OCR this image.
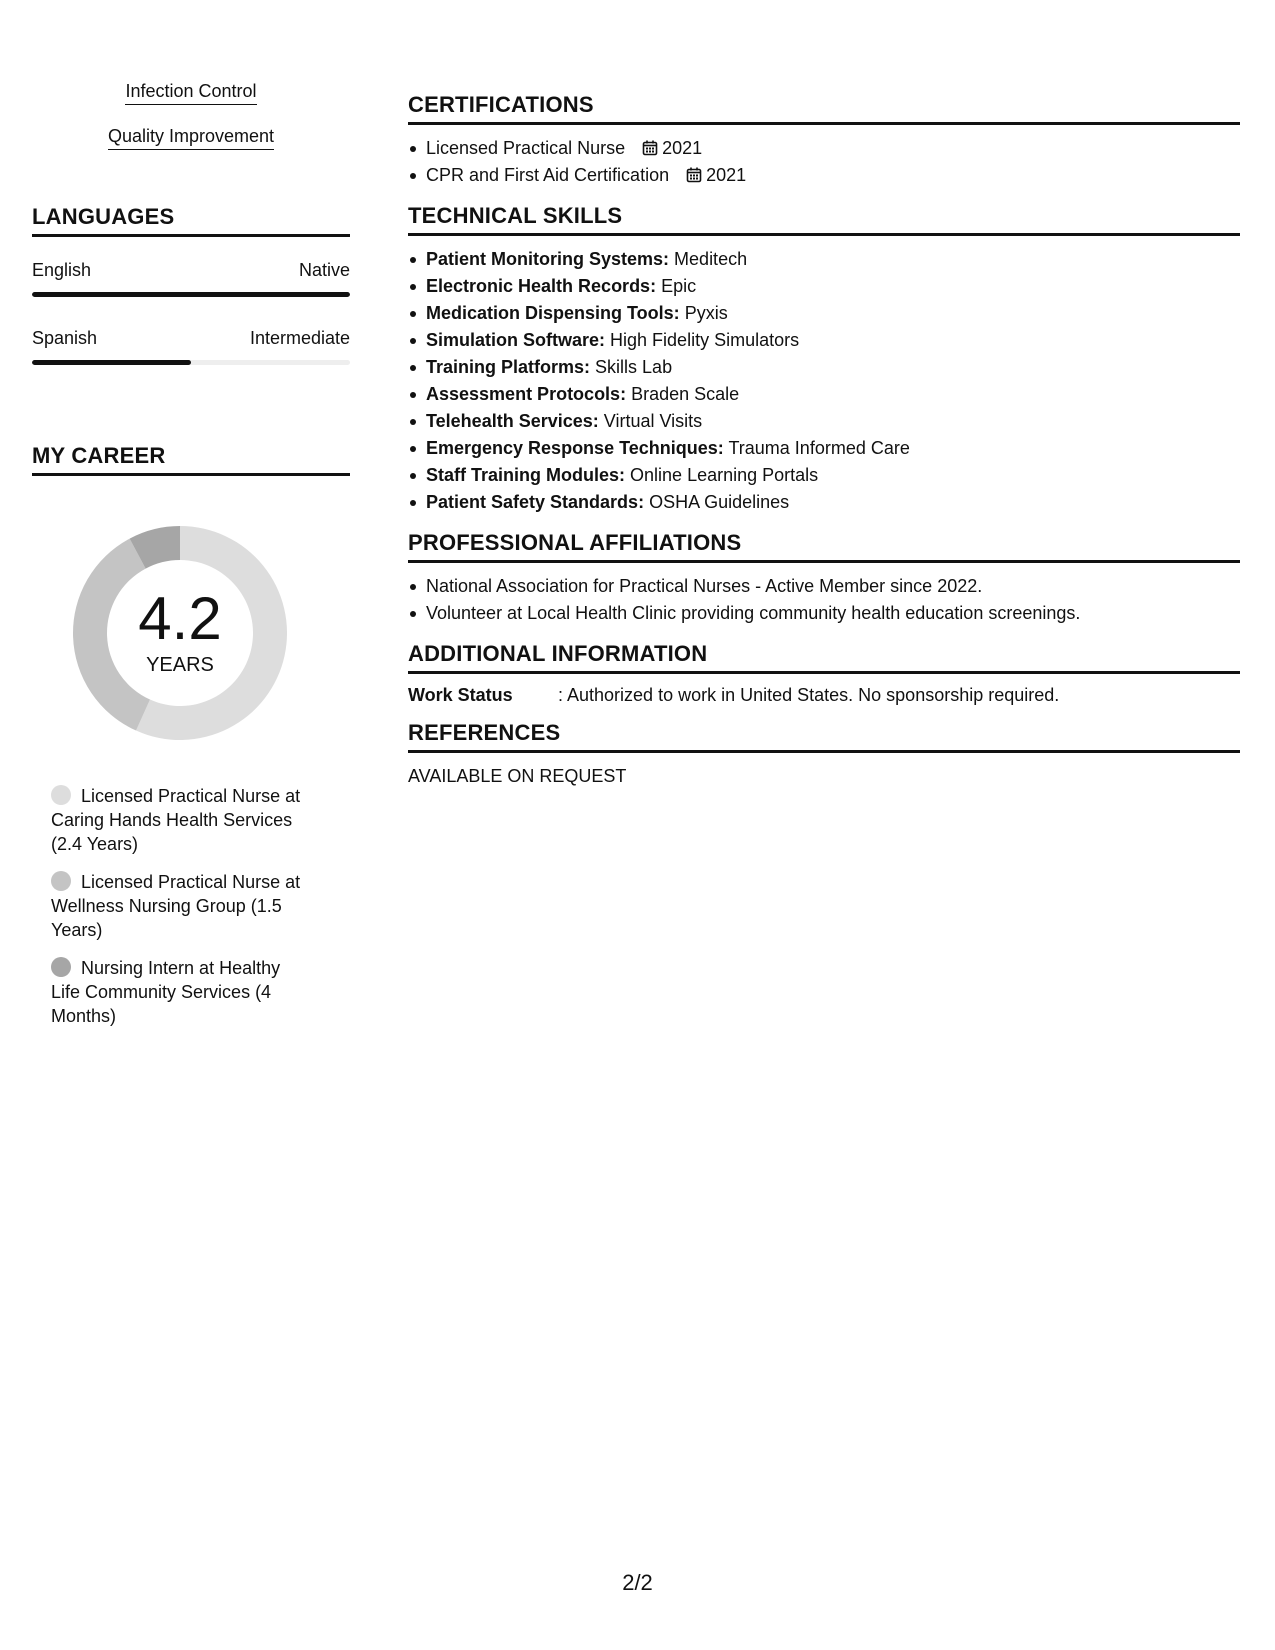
Infection Control
Quality Improvement
LANGUAGES
English	Native
Spanish	Intermediate
MY CAREER
4.2
YEARS
Licensed Practical Nurse at Caring Hands Health Services (2.4 Years)
Licensed Practical Nurse at Wellness Nursing Group (1.5 Years)
Nursing Intern at Healthy Life Community Services (4 Months)
CERTIFICATIONS
Licensed Practical Nurse 2021
CPR and First Aid Certification 2021
TECHNICAL SKILLS
Patient Monitoring Systems: Meditech
Electronic Health Records: Epic
Medication Dispensing Tools: Pyxis
Simulation Software: High Fidelity Simulators
Training Platforms: Skills Lab
Assessment Protocols: Braden Scale
Telehealth Services: Virtual Visits
Emergency Response Techniques: Trauma Informed Care
Staff Training Modules: Online Learning Portals
Patient Safety Standards: OSHA Guidelines
PROFESSIONAL AFFILIATIONS
National Association for Practical Nurses - Active Member since 2022.
Volunteer at Local Health Clinic providing community health education screenings.
ADDITIONAL INFORMATION
Work Status	: Authorized to work in United States. No sponsorship required.
REFERENCES
AVAILABLE ON REQUEST
2/2
